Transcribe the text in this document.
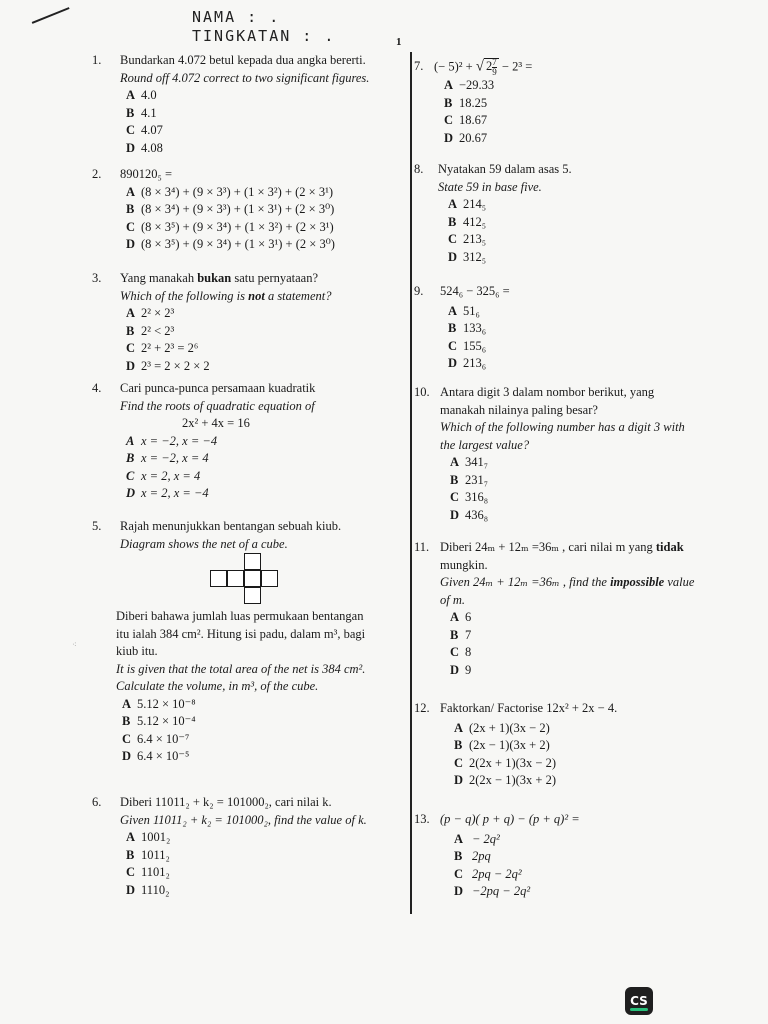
NAMA : .
TINGKATAN : .	1
1.	Bundarkan 4.072 betul kepada dua angka bererti.
Round off 4.072 correct to two significant figures.
A 4.0
B 4.1
C 4.07
D 4.08
2.	890120₅ =
A (8 × 3⁴) + (9 × 3³) + (1 × 3²) + (2 × 3¹)
B (8 × 3⁴) + (9 × 3³) + (1 × 3¹) + (2 × 3⁰)
C (8 × 3⁵) + (9 × 3⁴) + (1 × 3²) + (2 × 3¹)
D (8 × 3⁵) + (9 × 3⁴) + (1 × 3¹) + (2 × 3⁰)
3.	Yang manakah bukan satu pernyataan?
Which of the following is not a statement?
A 2² × 2³
B 2² < 2³
C 2² + 2³ = 2⁶
D 2³ = 2 × 2 × 2
4.	Cari punca-punca persamaan kuadratik
Find the roots of quadratic equation of
2x² + 4x = 16
A x = −2, x = −4
B x = −2, x = 4
C x = 2, x = 4
D x = 2, x = −4
5.	Rajah menunjukkan bentangan sebuah kiub.
Diagram shows the net of a cube.
Diberi bahawa jumlah luas permukaan bentangan
itu ialah 384 cm². Hitung isi padu, dalam m³, bagi
kiub itu.
It is given that the total area of the net is 384 cm².
Calculate the volume, in m³, of the cube.
A 5.12 × 10⁻⁸
B 5.12 × 10⁻⁴
C 6.4 × 10⁻⁷
D 6.4 × 10⁻⁵
⁖
6.	Diberi 11011₂ + k₂ = 101000₂, cari nilai k.
Given 11011₂ + k₂ = 101000₂, find the value of k.
A 1001₂
B 1011₂
C 1101₂
D 1110₂
7. (− 5)² + √ $2 \frac{7}{9} - 2^3$ =
A −29.33
B 18.25
C 18.67
D 20.67
8.	Nyatakan 59 dalam asas 5.
State 59 in base five.
A 214₅
B 412₅
C 213₅
D 312₅
9.	524₆ − 325₆ =
A 51₆
B 133₆
C 155₆
D 213₆
10. Antara digit 3 dalam nombor berikut, yang
manakah nilainya paling besar?
Which of the following number has a digit 3 with
the largest value?
A 341₇
B 231₇
C 316₈
D 436₈
11. Diberi 24ₘ + 12ₘ =36ₘ , cari nilai m yang tidak
mungkin.
Given 24ₘ + 12ₘ =36ₘ , find the impossible value
of m.
A 6
B 7
C 8
D 9
12. Faktorkan/ Factorise 12x² + 2x − 4.
A (2x + 1)(3x − 2)
B (2x − 1)(3x + 2)
C 2(2x + 1)(3x − 2)
D 2(2x − 1)(3x + 2)
13. (p − q)( p + q) − (p + q)² =
A − 2q²
B 2pq
C 2pq − 2q²
D −2pq − 2q²
CS
